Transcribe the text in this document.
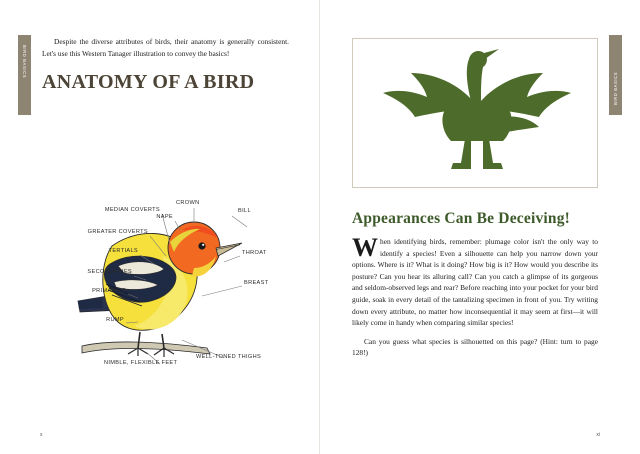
BIRD BASICS

Despite the diverse attributes of birds, their anatomy is generally consistent. Let's use this Western Tanager illustration to convey the basics!

ANATOMY OF A BIRD
CROWN
BILL
NAPE
MEDIAN COVERTS
GREATER COVERTS
THROAT
TERTIALS
SECONDARIES
BREAST
PRIMARIES
RUMP
NIMBLE, FLEXIBLE FEET
WELL-TONED THIGHS
x
BIRD BASICS
Appearances Can Be Deceiving!

When identifying birds, remember: plumage color isn't the only way to identify a species! Even a silhouette can help you narrow down your options. Where is it? What is it doing? How big is it? How would you describe its posture? Can you hear its alluring call? Can you catch a glimpse of its gorgeous and seldom-observed legs and rear? Before reaching into your pocket for your bird guide, soak in every detail of the tantalizing specimen in front of you. Try writing down every attribute, no matter how inconsequential it may seem at first—it will likely come in handy when comparing similar species!

Can you guess what species is silhouetted on this page? (Hint: turn to page 128!)

xi
